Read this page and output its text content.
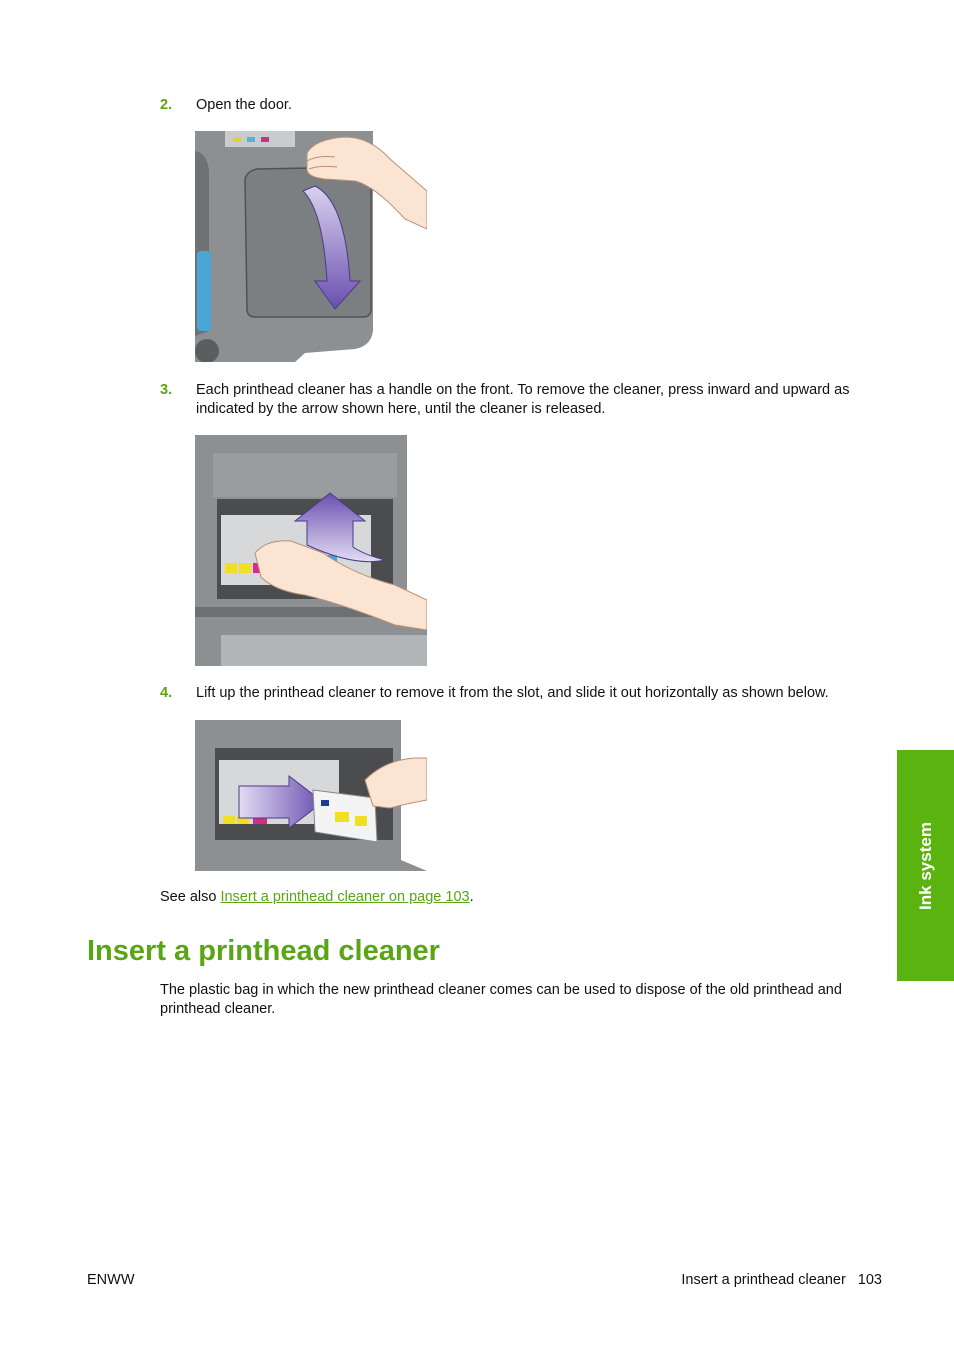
2. Open the door.
3. Each printhead cleaner has a handle on the front. To remove the cleaner, press inward and upward as indicated by the arrow shown here, until the cleaner is released.
4. Lift up the printhead cleaner to remove it from the slot, and slide it out horizontally as shown below.
See also Insert a printhead cleaner on page 103.
Insert a printhead cleaner
The plastic bag in which the new printhead cleaner comes can be used to dispose of the old printhead and printhead cleaner.
Ink system
ENWW	Insert a printhead cleaner 103
